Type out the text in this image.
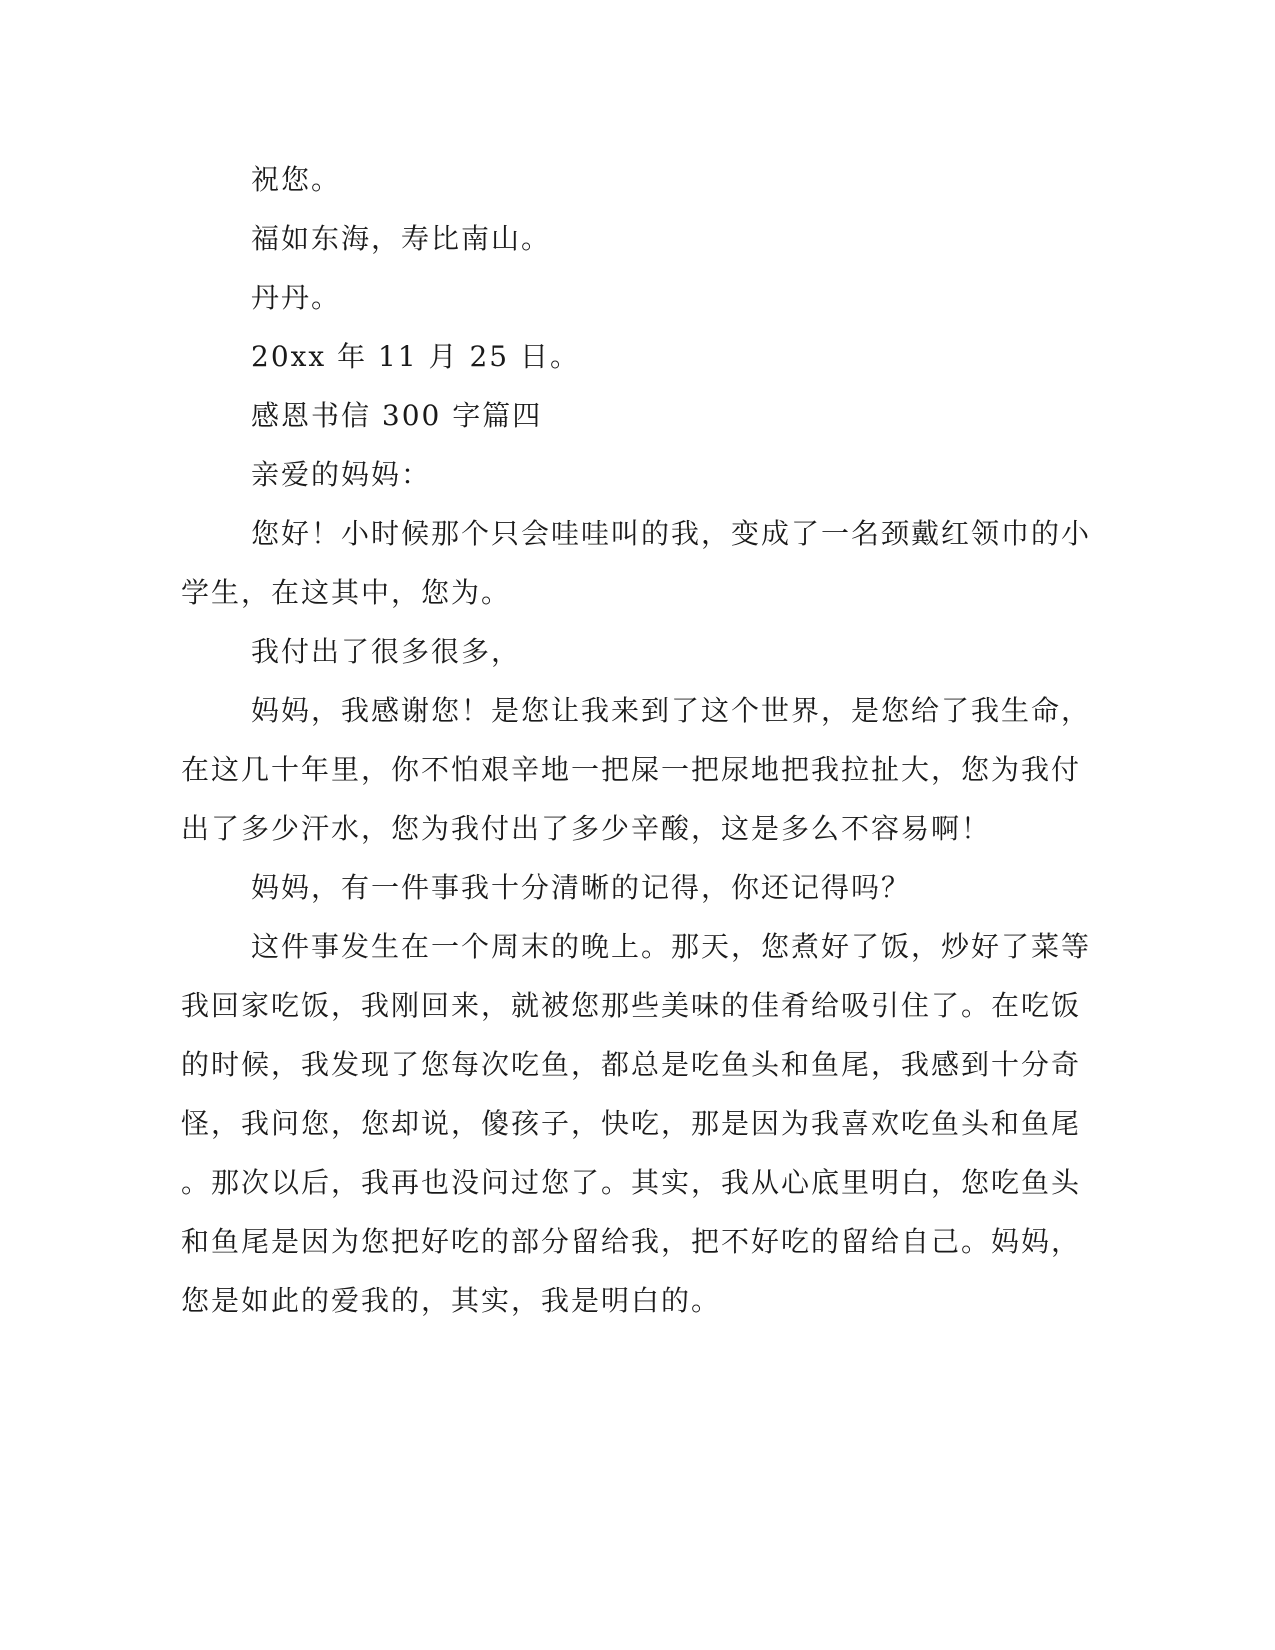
祝您。

福如东海，寿比南山。

丹丹。

20xx 年 11 月 25 日。

感恩书信 300 字篇四

亲爱的妈妈：

您好！小时候那个只会哇哇叫的我，变成了一名颈戴红领巾的小

学生，在这其中，您为。

我付出了很多很多，

妈妈，我感谢您！是您让我来到了这个世界，是您给了我生命，

在这几十年里，你不怕艰辛地一把屎一把尿地把我拉扯大，您为我付

出了多少汗水，您为我付出了多少辛酸，这是多么不容易啊！

妈妈，有一件事我十分清晰的记得，你还记得吗？

这件事发生在一个周末的晚上。那天，您煮好了饭，炒好了菜等

我回家吃饭，我刚回来，就被您那些美味的佳肴给吸引住了。在吃饭

的时候，我发现了您每次吃鱼，都总是吃鱼头和鱼尾，我感到十分奇

怪，我问您，您却说，傻孩子，快吃，那是因为我喜欢吃鱼头和鱼尾

。那次以后，我再也没问过您了。其实，我从心底里明白，您吃鱼头

和鱼尾是因为您把好吃的部分留给我，把不好吃的留给自己。妈妈，

您是如此的爱我的，其实，我是明白的。
